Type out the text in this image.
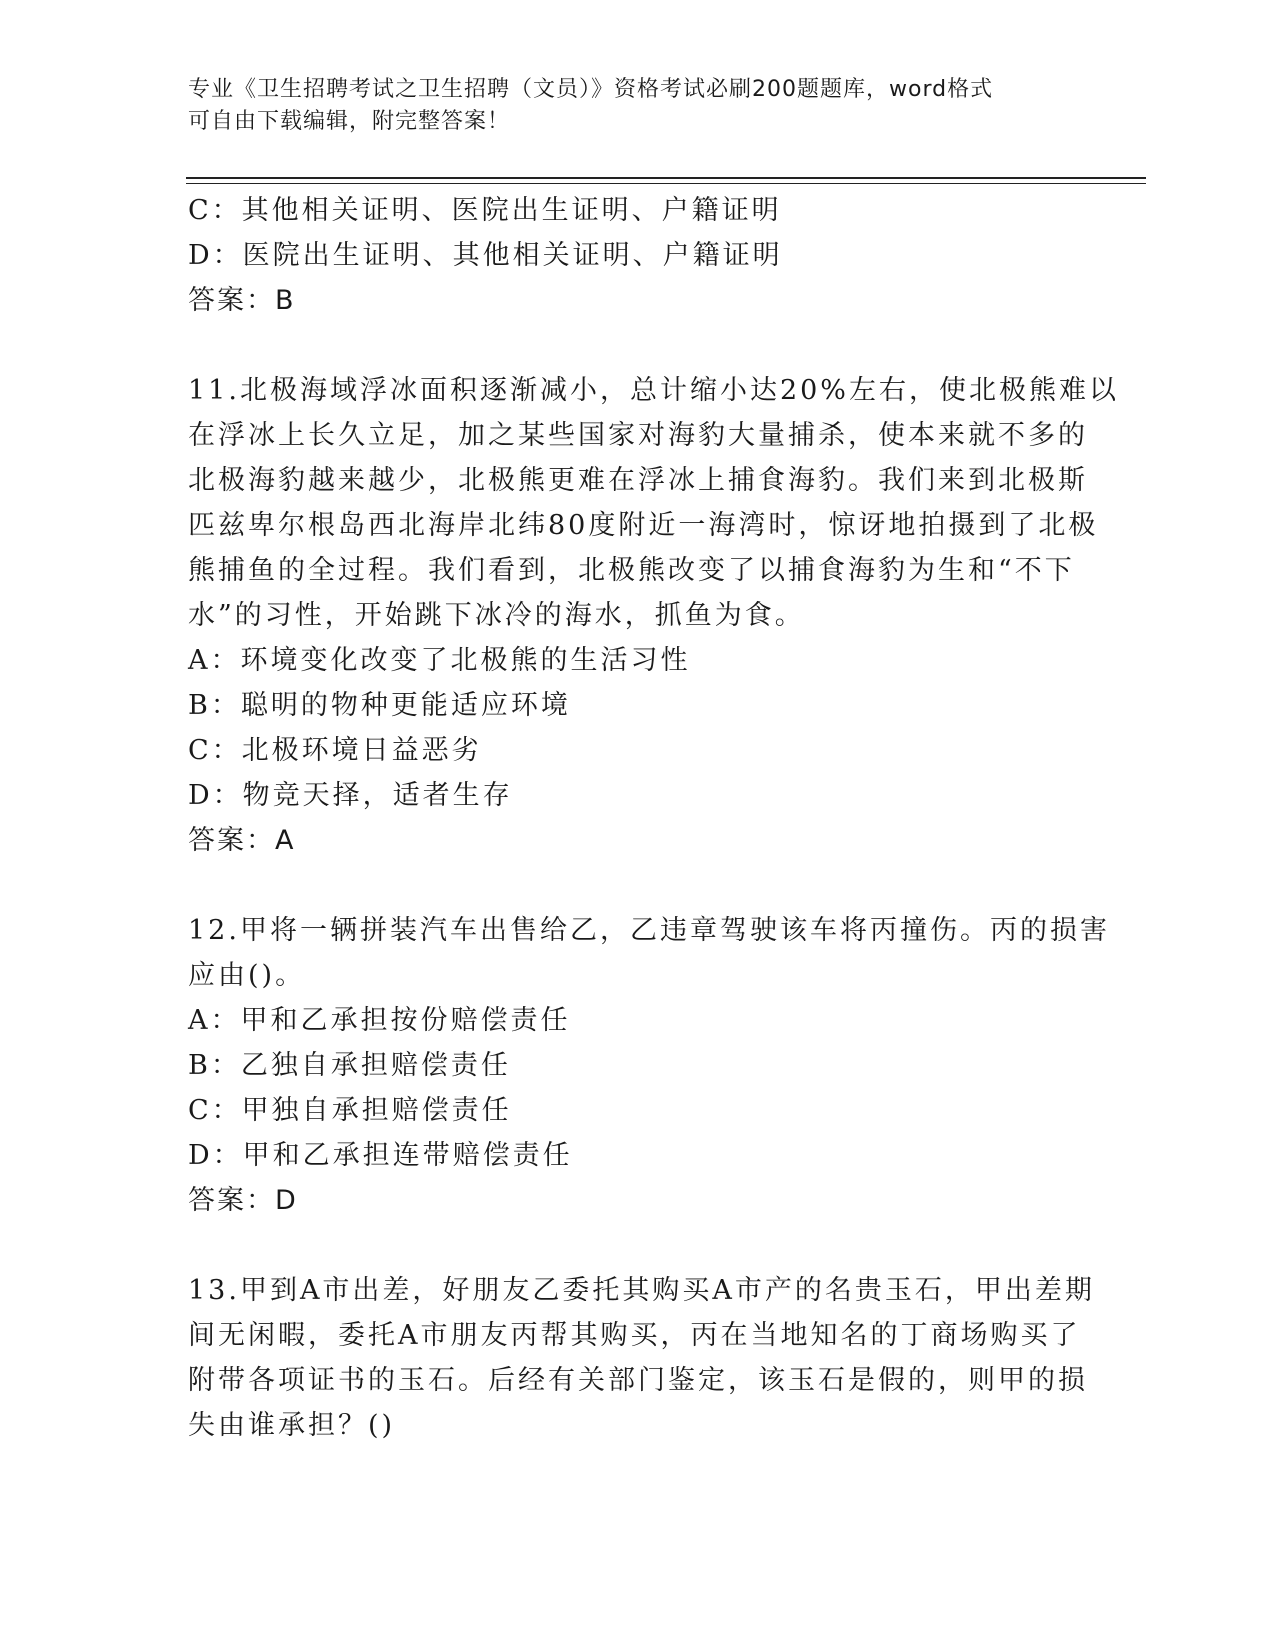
专业《卫生招聘考试之卫生招聘（文员）》资格考试必刷200题题库，word格式
可自由下载编辑，附完整答案！
C：其他相关证明、医院出生证明、户籍证明
D：医院出生证明、其他相关证明、户籍证明
答案：B
11.北极海域浮冰面积逐渐减小，总计缩小达20%左右，使北极熊难以
在浮冰上长久立足，加之某些国家对海豹大量捕杀，使本来就不多的
北极海豹越来越少，北极熊更难在浮冰上捕食海豹。我们来到北极斯
匹兹卑尔根岛西北海岸北纬80度附近一海湾时，惊讶地拍摄到了北极
熊捕鱼的全过程。我们看到，北极熊改变了以捕食海豹为生和“不下
水”的习性，开始跳下冰冷的海水，抓鱼为食。
A：环境变化改变了北极熊的生活习性
B：聪明的物种更能适应环境
C：北极环境日益恶劣
D：物竞天择，适者生存
答案：A
12.甲将一辆拼装汽车出售给乙，乙违章驾驶该车将丙撞伤。丙的损害
应由()。
A：甲和乙承担按份赔偿责任
B：乙独自承担赔偿责任
C：甲独自承担赔偿责任
D：甲和乙承担连带赔偿责任
答案：D
13.甲到A市出差，好朋友乙委托其购买A市产的名贵玉石，甲出差期
间无闲暇，委托A市朋友丙帮其购买，丙在当地知名的丁商场购买了
附带各项证书的玉石。后经有关部门鉴定，该玉石是假的，则甲的损
失由谁承担？()
